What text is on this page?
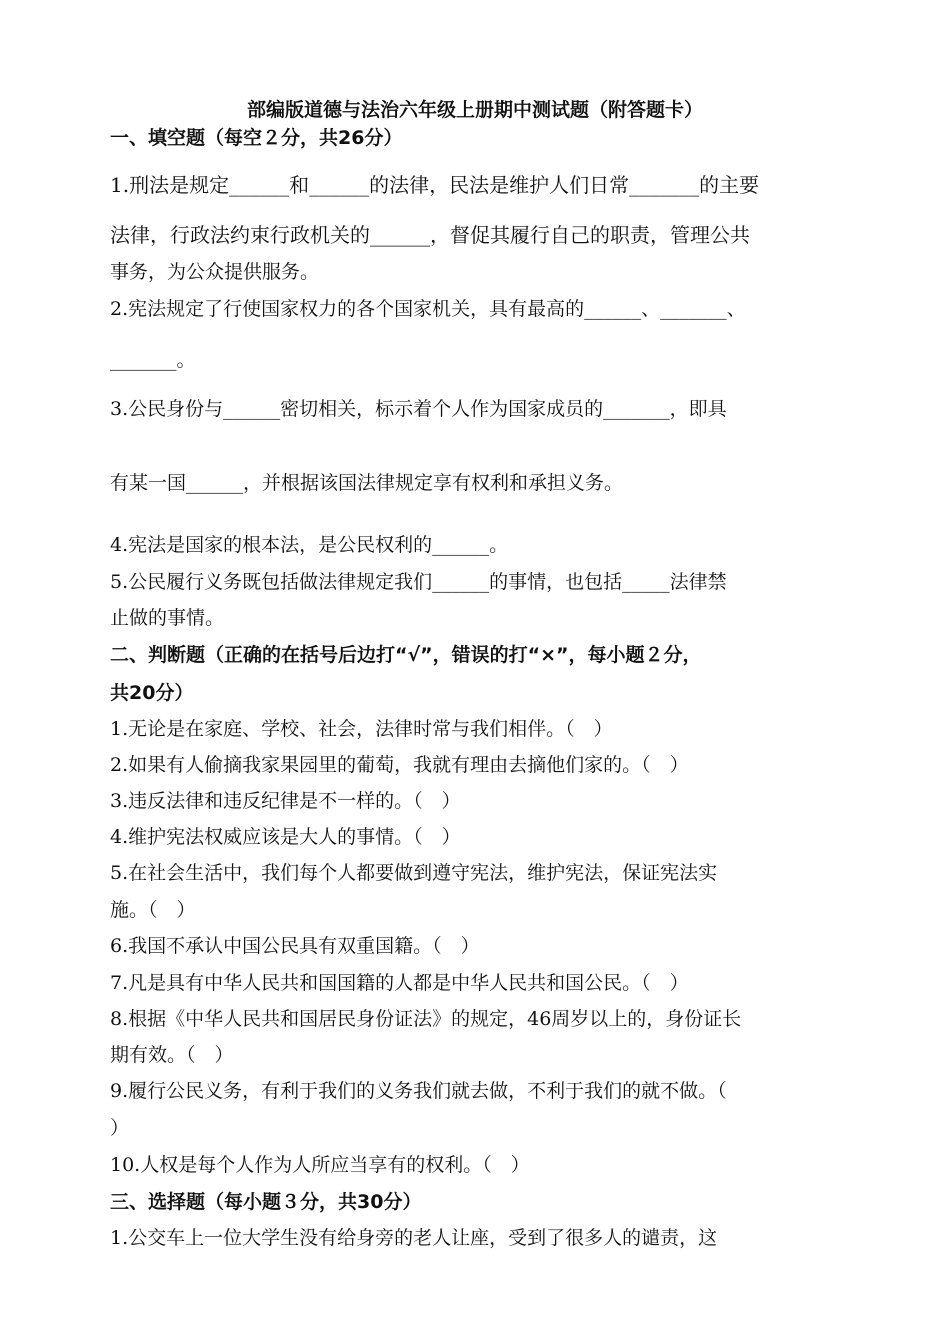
部编版道德与法治六年级上册期中测试题（附答题卡）
一、填空题（每空２分，共26分）
1.刑法是规定______和______的法律，民法是维护人们日常_______的主要
法律，行政法约束行政机关的______，督促其履行自己的职责，管理公共
事务，为公众提供服务。
2.宪法规定了行使国家权力的各个国家机关，具有最高的______、_______、
_______。
3.公民身份与______密切相关，标示着个人作为国家成员的_______，即具
有某一国______，并根据该国法律规定享有权利和承担义务。
4.宪法是国家的根本法，是公民权利的______。
5.公民履行义务既包括做法律规定我们______的事情，也包括_____法律禁
止做的事情。
二、判断题（正确的在括号后边打“√”，错误的打“×”，每小题２分，
共20分）
1.无论是在家庭、学校、社会，法律时常与我们相伴。（　）
2.如果有人偷摘我家果园里的葡萄，我就有理由去摘他们家的。（　）
3.违反法律和违反纪律是不一样的。（　）
4.维护宪法权威应该是大人的事情。（　）
5.在社会生活中，我们每个人都要做到遵守宪法，维护宪法，保证宪法实
施。（　）
6.我国不承认中国公民具有双重国籍。（　）
7.凡是具有中华人民共和国国籍的人都是中华人民共和国公民。（　）
8.根据《中华人民共和国居民身份证法》的规定，46周岁以上的，身份证长
期有效。（　）
9.履行公民义务，有利于我们的义务我们就去做，不利于我们的就不做。（
）
10.人权是每个人作为人所应当享有的权利。（　）
三、选择题（每小题３分，共30分）
1.公交车上一位大学生没有给身旁的老人让座，受到了很多人的谴责，这
